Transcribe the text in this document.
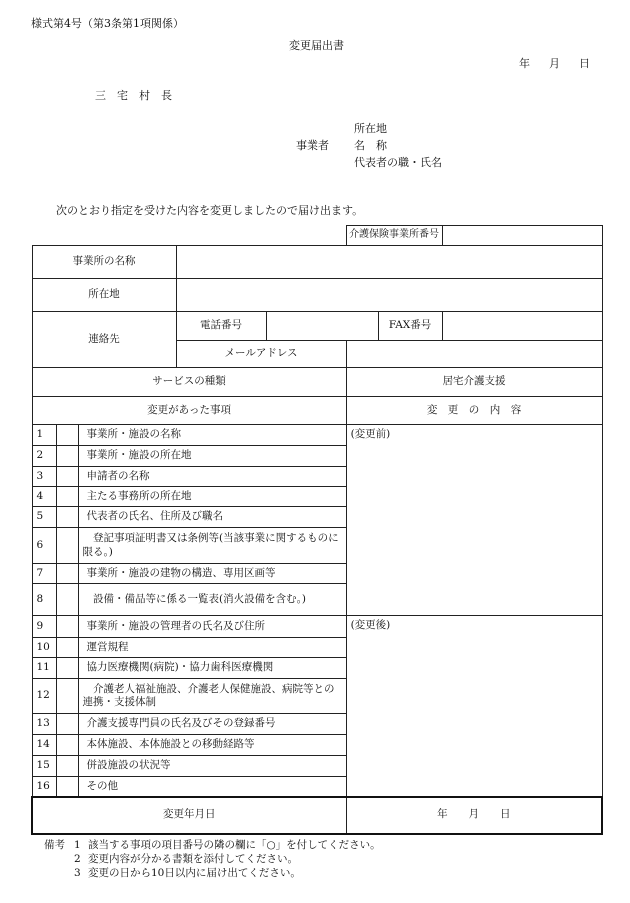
様式第4号（第3条第1項関係）
変更届出書
年　月　日
三　宅　村　長
所在地
事業者 名　称
代表者の職・氏名
次のとおり指定を受けた内容を変更しましたので届け出ます。
					介護保険事業所番号		
事業所の名称							
所在地							
連絡先			電話番号			FAX番号	
			メールアドレス				
サービスの種類					居宅介護支援		
変更があった事項					変　更　の　内　容		
1		事業所・施設の名称			(変更前)		
2		事業所・施設の所在地					
3		申請者の名称					
4		主たる事務所の所在地					
5		代表者の氏名、住所及び職名					
6		登記事項証明書又は条例等(当該事業に関するものに限る。)					
7		事業所・施設の建物の構造、専用区画等					
8		設備・備品等に係る一覧表(消火設備を含む。)					
9		事業所・施設の管理者の氏名及び住所			(変更後)		
10		運営規程					
11		協力医療機関(病院)・協力歯科医療機関					
12		介護老人福祉施設、介護老人保健施設、病院等との連携・支援体制					
13		介護支援専門員の氏名及びその登録番号					
14		本体施設、本体施設との移動経路等					
15		併設施設の状況等					
16		その他					
変更年月日					年　　月　　日		
備考 1 該当する事項の項目番号の隣の欄に「○」を付してください。
2 変更内容が分かる書類を添付してください。
3 変更の日から10日以内に届け出てください。
